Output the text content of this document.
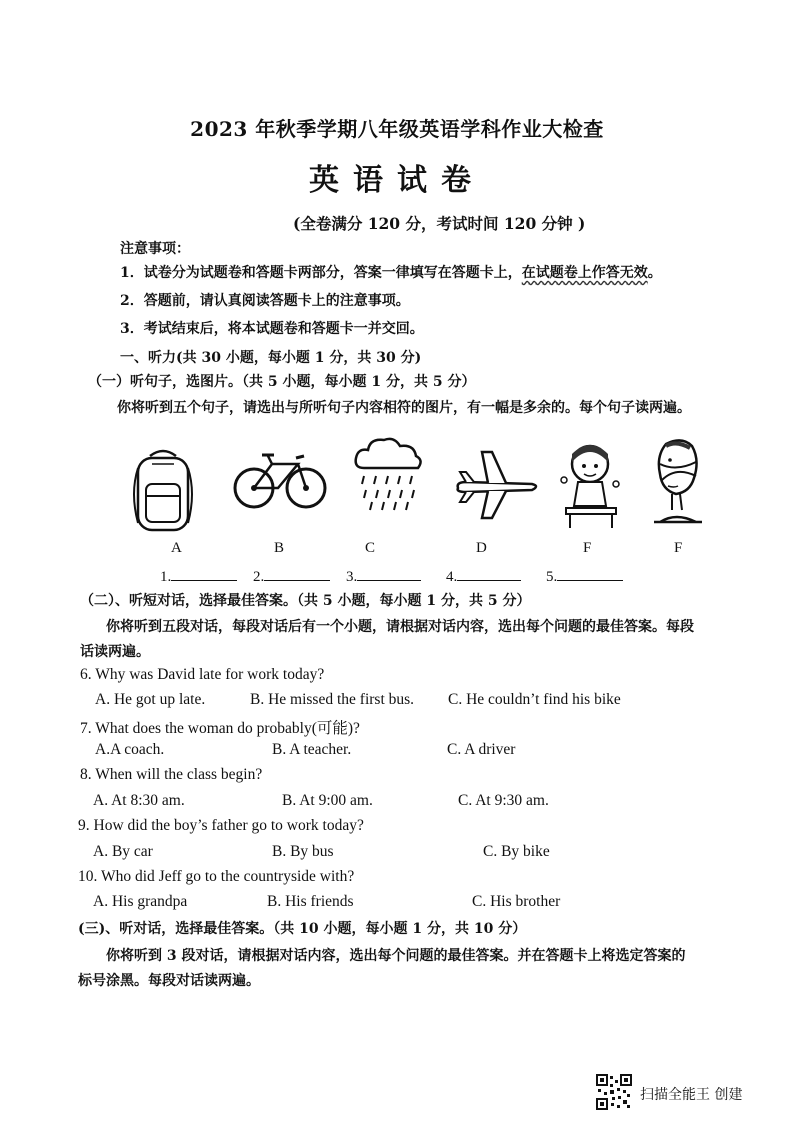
2023 年秋季学期八年级英语学科作业大检查
英语试卷
(全卷满分 120 分，考试时间 120 分钟 )
注意事项：
1．试卷分为试题卷和答题卡两部分，答案一律填写在答题卡上，在试题卷上作答无效。
2．答题前，请认真阅读答题卡上的注意事项。
3．考试结束后，将本试题卷和答题卡一并交回。
一、听力(共 30 小题，每小题 1 分，共 30 分)
（一）听句子，选图片。（共 5 小题，每小题 1 分，共 5 分）
你将听到五个句子，请选出与所听句子内容相符的图片，有一幅是多余的。每个句子读两遍。
A	B	C	D	F	F
1.	2.	3.	4.	5.
（二）、听短对话，选择最佳答案。（共 5 小题，每小题 1 分，共 5 分）
你将听到五段对话，每段对话后有一个小题，请根据对话内容，选出每个问题的最佳答案。每段
话读两遍。
6. Why was David late for work today?
A. He got up late.	B. He missed the first bus. C. He couldn’t find his bike
7. What does the woman do probably(可能)?
A.A coach.	B. A teacher.	C. A driver
8. When will the class begin?
A. At 8:30 am.	B. At 9:00 am.	C. At 9:30 am.
9. How did the boy’s father go to work today?
A. By car	B. By bus	C. By bike
10. Who did Jeff go to the countryside with?
A. His grandpa	B. His friends	C. His brother
(三)、听对话，选择最佳答案。（共 10 小题，每小题 1 分，共 10 分）
你将听到 3 段对话，请根据对话内容，选出每个问题的最佳答案。并在答题卡上将选定答案的
标号涂黑。每段对话读两遍。
扫描全能王 创建
